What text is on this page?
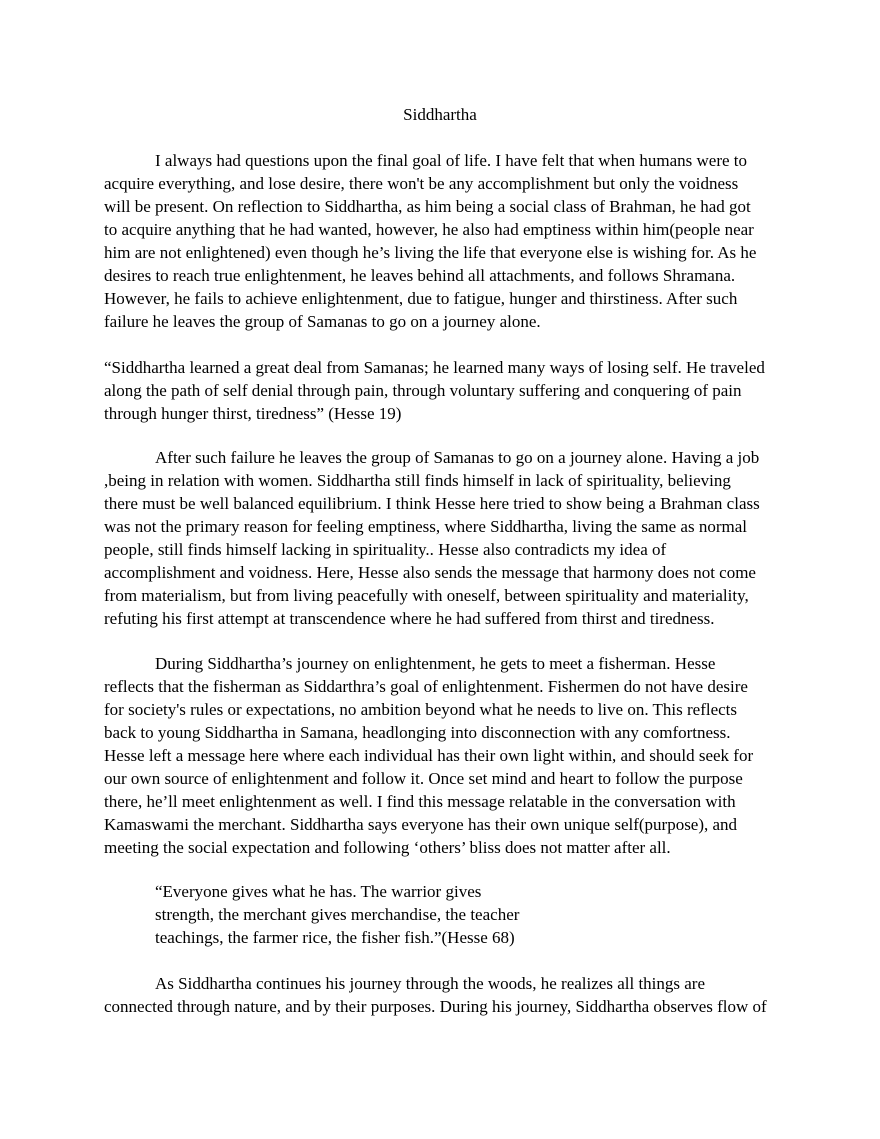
Siddhartha
I always had questions upon the final goal of life. I have felt that when humans were to
acquire everything, and lose desire, there won't be any accomplishment but only the voidness
will be present. On reflection to Siddhartha, as him being a social class of Brahman, he had got
to acquire anything that he had wanted, however, he also had emptiness within him(people near
him are not enlightened) even though he’s living the life that everyone else is wishing for. As he
desires to reach true enlightenment, he leaves behind all attachments, and follows Shramana.
However, he fails to achieve enlightenment, due to fatigue, hunger and thirstiness. After such
failure he leaves the group of Samanas to go on a journey alone.
“Siddhartha learned a great deal from Samanas; he learned many ways of losing self. He traveled
along the path of self denial through pain, through voluntary suffering and conquering of pain
through hunger thirst, tiredness” (Hesse 19)
After such failure he leaves the group of Samanas to go on a journey alone. Having a job
,being in relation with women. Siddhartha still finds himself in lack of spirituality, believing
there must be well balanced equilibrium. I think Hesse here tried to show being a Brahman class
was not the primary reason for feeling emptiness, where Siddhartha, living the same as normal
people, still finds himself lacking in spirituality.. Hesse also contradicts my idea of
accomplishment and voidness. Here, Hesse also sends the message that harmony does not come
from materialism, but from living peacefully with oneself, between spirituality and materiality,
refuting his first attempt at transcendence where he had suffered from thirst and tiredness.
During Siddhartha’s journey on enlightenment, he gets to meet a fisherman. Hesse
reflects that the fisherman as Siddarthra’s goal of enlightenment. Fishermen do not have desire
for society's rules or expectations, no ambition beyond what he needs to live on. This reflects
back to young Siddhartha in Samana, headlonging into disconnection with any comfortness.
Hesse left a message here where each individual has their own light within, and should seek for
our own source of enlightenment and follow it. Once set mind and heart to follow the purpose
there, he’ll meet enlightenment as well. I find this message relatable in the conversation with
Kamaswami the merchant. Siddhartha says everyone has their own unique self(purpose), and
meeting the social expectation and following ‘others’ bliss does not matter after all.
“Everyone gives what he has. The warrior gives
strength, the merchant gives merchandise, the teacher
teachings, the farmer rice, the fisher fish.”(Hesse 68)
As Siddhartha continues his journey through the woods, he realizes all things are
connected through nature, and by their purposes. During his journey, Siddhartha observes flow of
